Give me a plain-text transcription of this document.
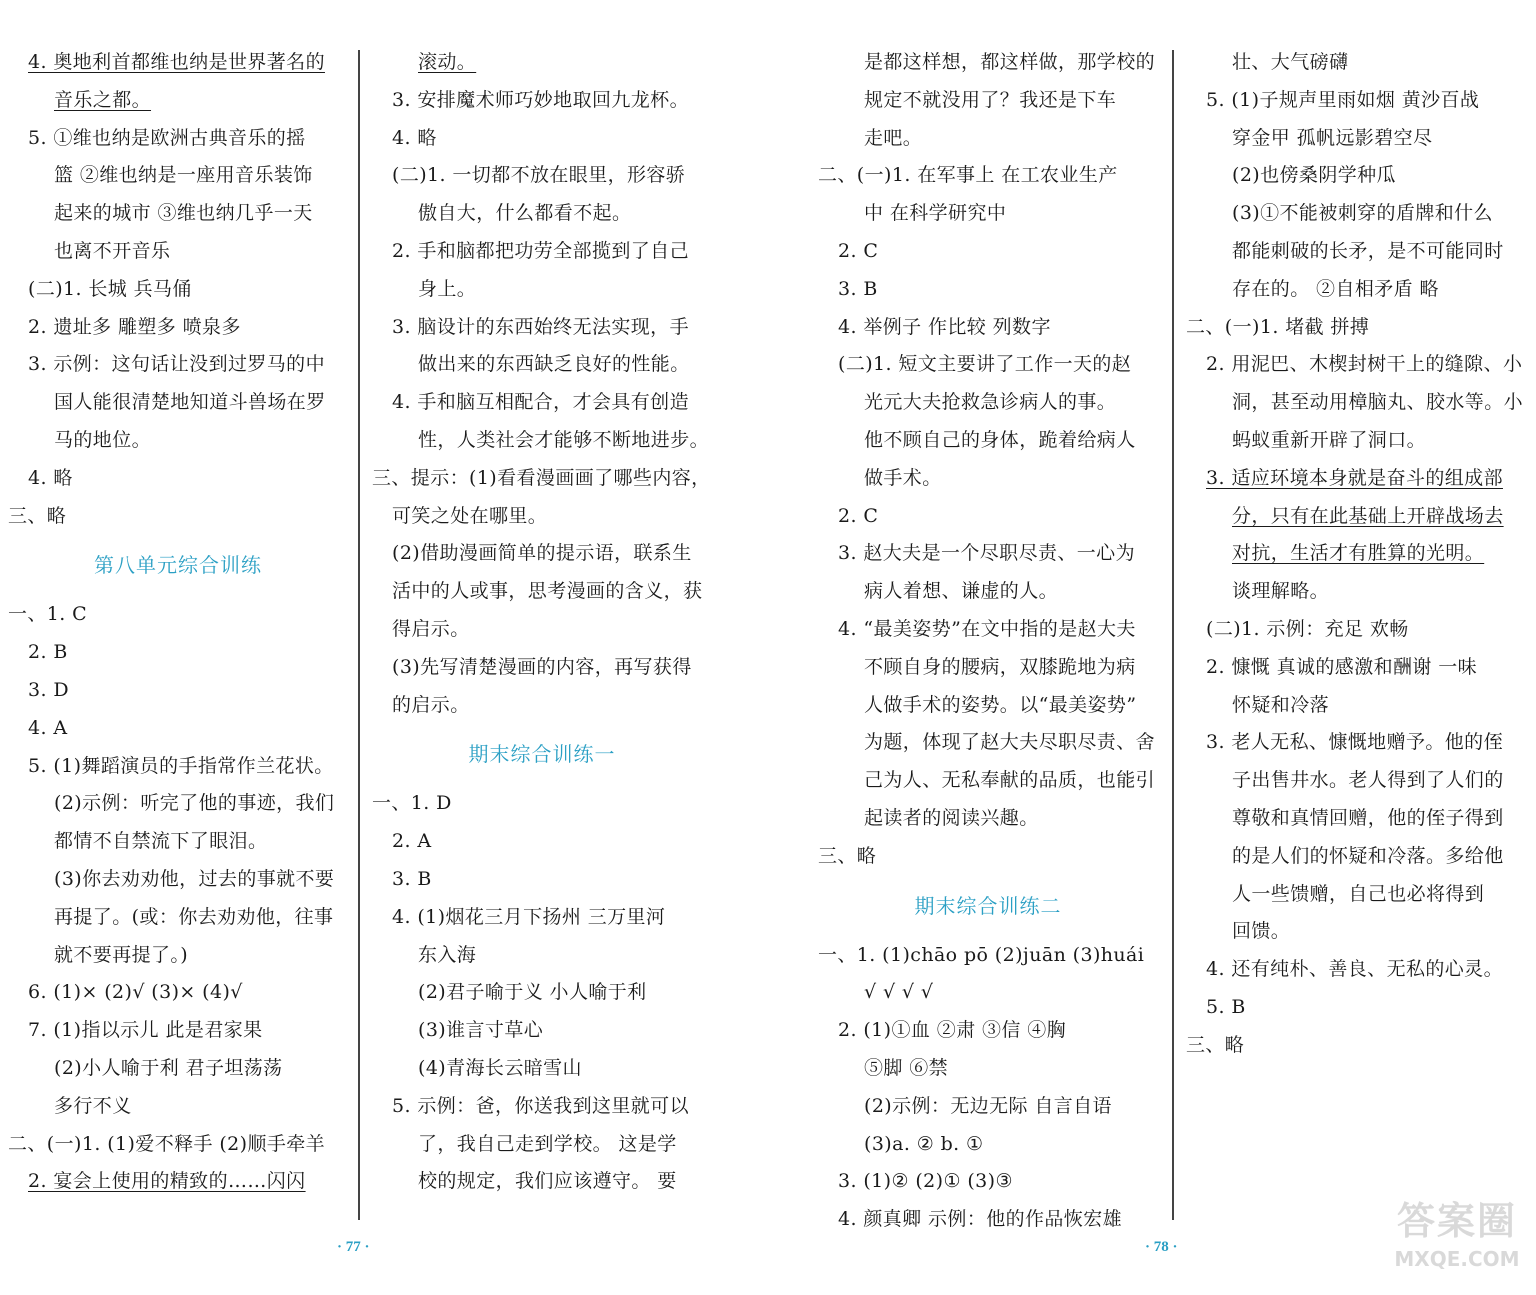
4. 奥地利首都维也纳是世界著名的
音乐之都。
5. ①维也纳是欧洲古典音乐的摇
篮 ②维也纳是一座用音乐装饰
起来的城市 ③维也纳几乎一天
也离不开音乐
(二)1. 长城 兵马俑
2. 遗址多 雕塑多 喷泉多
3. 示例：这句话让没到过罗马的中
国人能很清楚地知道斗兽场在罗
马的地位。
4. 略
三、略
第八单元综合训练
一、1. C
2. B
3. D
4. A
5. (1)舞蹈演员的手指常作兰花状。
(2)示例：听完了他的事迹，我们
都情不自禁流下了眼泪。
(3)你去劝劝他，过去的事就不要
再提了。(或：你去劝劝他，往事
就不要再提了。)
6. (1)× (2)√ (3)× (4)√
7. (1)指以示儿 此是君家果
(2)小人喻于利 君子坦荡荡
多行不义
二、(一)1. (1)爱不释手 (2)顺手牵羊
2. 宴会上使用的精致的……闪闪
滚动。
3. 安排魔术师巧妙地取回九龙杯。
4. 略
(二)1. 一切都不放在眼里，形容骄
傲自大，什么都看不起。
2. 手和脑都把功劳全部揽到了自己
身上。
3. 脑设计的东西始终无法实现，手
做出来的东西缺乏良好的性能。
4. 手和脑互相配合，才会具有创造
性，人类社会才能够不断地进步。
三、提示：(1)看看漫画画了哪些内容，
可笑之处在哪里。
(2)借助漫画简单的提示语，联系生
活中的人或事，思考漫画的含义，获
得启示。
(3)先写清楚漫画的内容，再写获得
的启示。
期末综合训练一
一、1. D
2. A
3. B
4. (1)烟花三月下扬州 三万里河
东入海
(2)君子喻于义 小人喻于利
(3)谁言寸草心
(4)青海长云暗雪山
5. 示例：爸，你送我到这里就可以
了，我自己走到学校。 这是学
校的规定，我们应该遵守。 要
是都这样想，都这样做，那学校的
规定不就没用了？我还是下车
走吧。
二、(一)1. 在军事上 在工农业生产
中 在科学研究中
2. C
3. B
4. 举例子 作比较 列数字
(二)1. 短文主要讲了工作一天的赵
光元大夫抢救急诊病人的事。
他不顾自己的身体，跪着给病人
做手术。
2. C
3. 赵大夫是一个尽职尽责、一心为
病人着想、谦虚的人。
4. “最美姿势”在文中指的是赵大夫
不顾自身的腰病，双膝跪地为病
人做手术的姿势。以“最美姿势”
为题，体现了赵大夫尽职尽责、舍
己为人、无私奉献的品质，也能引
起读者的阅读兴趣。
三、略
期末综合训练二
一、1. (1)chāo pō (2)juān (3)huái
√ √ √ √
2. (1)①血 ②肃 ③信 ④胸
⑤脚 ⑥禁
(2)示例：无边无际 自言自语
(3)a. ② b. ①
3. (1)② (2)① (3)③
4. 颜真卿 示例：他的作品恢宏雄
壮、大气磅礴
5. (1)子规声里雨如烟 黄沙百战
穿金甲 孤帆远影碧空尽
(2)也傍桑阴学种瓜
(3)①不能被刺穿的盾牌和什么
都能刺破的长矛，是不可能同时
存在的。 ②自相矛盾 略
二、(一)1. 堵截 拼搏
2. 用泥巴、木楔封树干上的缝隙、小
洞，甚至动用樟脑丸、胶水等。小
蚂蚁重新开辟了洞口。
3. 适应环境本身就是奋斗的组成部
分，只有在此基础上开辟战场去
对抗，生活才有胜算的光明。
谈理解略。
(二)1. 示例：充足 欢畅
2. 慷慨 真诚的感激和酬谢 一味
怀疑和冷落
3. 老人无私、慷慨地赠予。他的侄
子出售井水。老人得到了人们的
尊敬和真情回赠，他的侄子得到
的是人们的怀疑和冷落。多给他
人一些馈赠，自己也必将得到
回馈。
4. 还有纯朴、善良、无私的心灵。
5. B
三、略
· 77 ·	· 78 ·
答案圈
MXQE.COM
